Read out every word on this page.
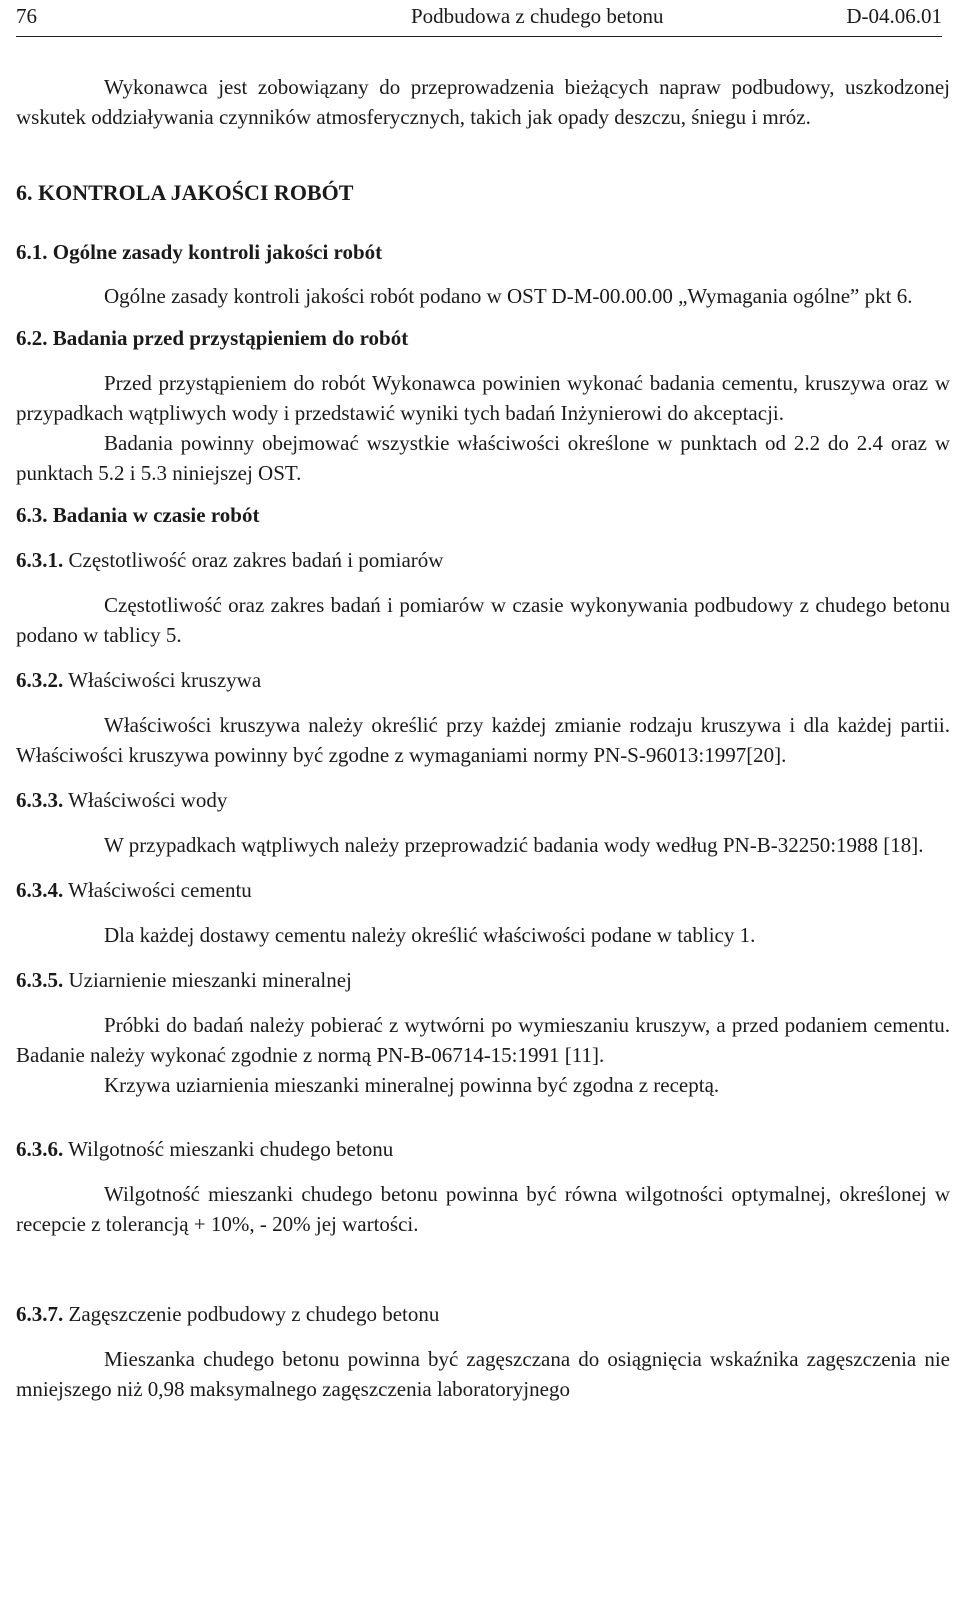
76	Podbudowa z chudego betonu	D-04.06.01

Wykonawca jest zobowiązany do przeprowadzenia bieżących napraw podbudowy, uszkodzonej wskutek oddziaływania czynników atmosferycznych, takich jak opady deszczu, śniegu i mróz.

6. KONTROLA JAKOŚCI ROBÓT
6.1. Ogólne zasady kontroli jakości robót

Ogólne zasady kontroli jakości robót podano w OST D-M-00.00.00 „Wymagania ogólne” pkt 6.

6.2. Badania przed przystąpieniem do robót

Przed przystąpieniem do robót Wykonawca powinien wykonać badania cementu, kruszywa oraz w przypadkach wątpliwych wody i przedstawić wyniki tych badań Inżynierowi do akceptacji.

Badania powinny obejmować wszystkie właściwości określone w punktach od 2.2 do 2.4 oraz w punktach 5.2 i 5.3 niniejszej OST.

6.3. Badania w czasie robót
6.3.1. Częstotliwość oraz zakres badań i pomiarów

Częstotliwość oraz zakres badań i pomiarów w czasie wykonywania podbudowy z chudego betonu podano w tablicy 5.

6.3.2. Właściwości kruszywa

Właściwości kruszywa należy określić przy każdej zmianie rodzaju kruszywa i dla każdej partii. Właściwości kruszywa powinny być zgodne z wymaganiami normy PN-S-96013:1997[20].

6.3.3. Właściwości wody

W przypadkach wątpliwych należy przeprowadzić badania wody według PN-B-32250:1988 [18].

6.3.4. Właściwości cementu

Dla każdej dostawy cementu należy określić właściwości podane w tablicy 1.

6.3.5. Uziarnienie mieszanki mineralnej

Próbki do badań należy pobierać z wytwórni po wymieszaniu kruszyw, a przed podaniem cementu. Badanie należy wykonać zgodnie z normą PN-B-06714-15:1991 [11].

Krzywa uziarnienia mieszanki mineralnej powinna być zgodna z receptą.

6.3.6. Wilgotność mieszanki chudego betonu

Wilgotność mieszanki chudego betonu powinna być równa wilgotności optymalnej, określonej w recepcie z tolerancją + 10%, - 20% jej wartości.

6.3.7. Zagęszczenie podbudowy z chudego betonu

Mieszanka chudego betonu powinna być zagęszczana do osiągnięcia wskaźnika zagęszczenia nie mniejszego niż 0,98 maksymalnego zagęszczenia laboratoryjnego
